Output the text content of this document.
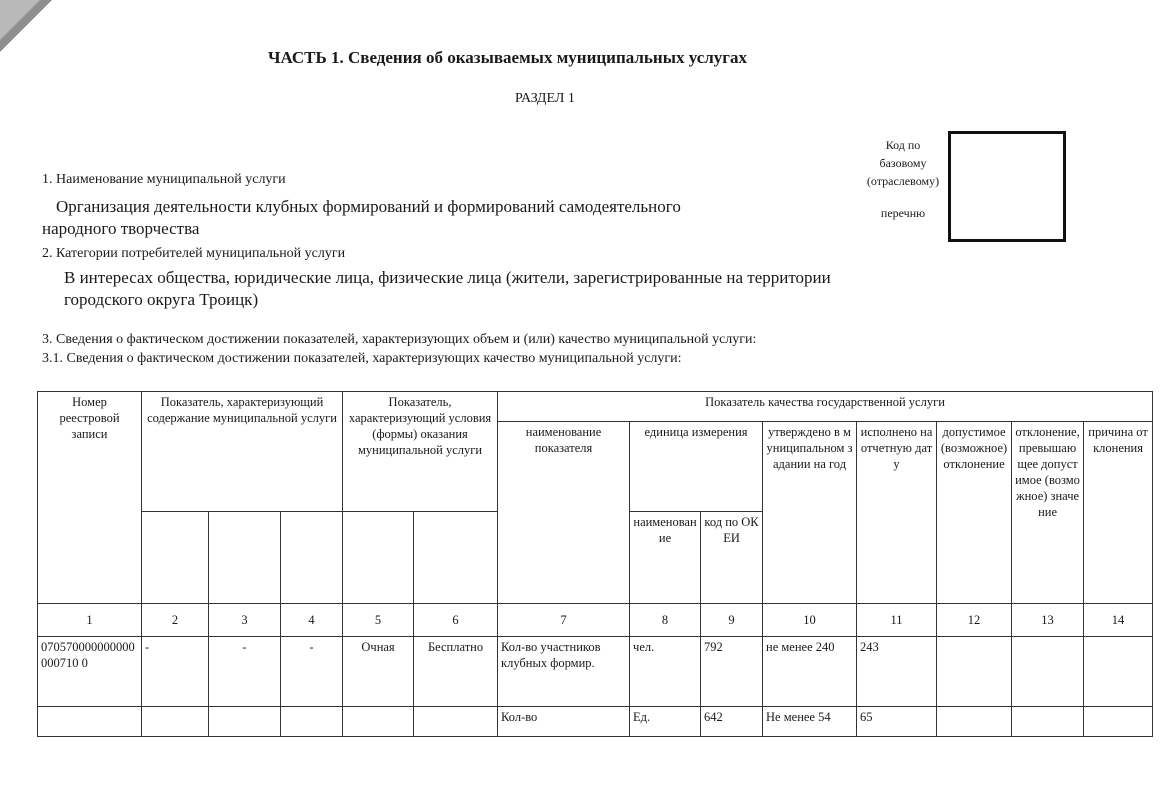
ЧАСТЬ 1. Сведения об оказываемых муниципальных услугах
РАЗДЕЛ 1
Код по
базовому
(отраслевому)
перечню
1. Наименование муниципальной услуги
Организация деятельности клубных формирований и формирований самодеятельного
народного творчества
2. Категории потребителей муниципальной услуги
В интересах общества, юридические лица, физические лица (жители, зарегистрированные на территории
городского округа Троицк)
3. Сведения о фактическом достижении показателей, характеризующих объем и (или) качество муниципальной услуги:
3.1. Сведения о фактическом достижении показателей, характеризующих качество муниципальной услуги:
Номер реестровой записи	Показатель, характеризующий содержание муниципальной услуги			Показатель, характеризующий условия (формы) оказания муниципальной услуги		Показатель качества государственной услуги							
						наименование показателя	единица измерения		утверждено в муниципальном задании на год	исполнено на отчетную дату	допустимое (возможное) отклонение	отклонение, превышающее допустимое (возможное) значение	причина отклонения
							наименование	код по ОКЕИ					
1	2	3	4	5	6	7	8	9	10	11	12	13	14
070570000000000000710 0	-	-	-	Очная	Бесплатно	Кол-во участников клубных формир.	чел.	792	не менее 240	243			
						Кол-во	Ед.	642	Не менее 54	65			
